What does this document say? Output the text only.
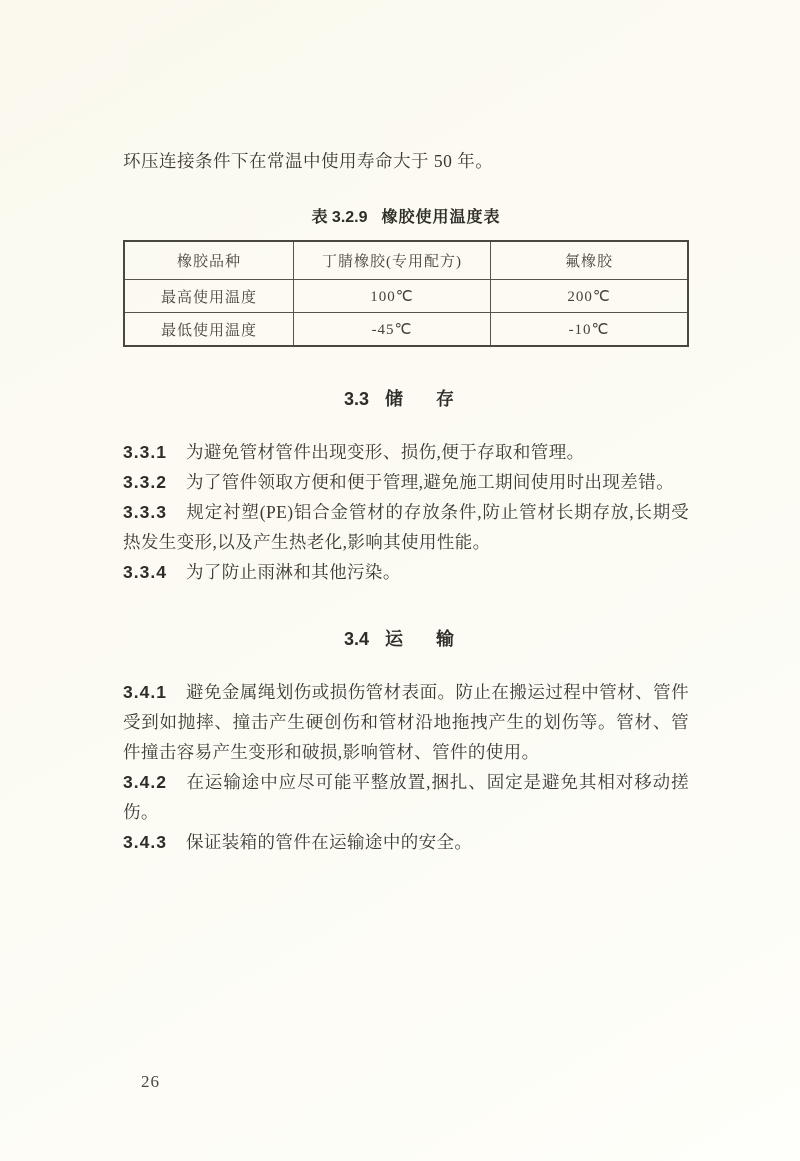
环压连接条件下在常温中使用寿命大于 50 年。

表 3.2.9 橡胶使用温度表
橡胶品种	丁腈橡胶(专用配方)	氟橡胶
最高使用温度	100℃	200℃
最低使用温度	-45℃	-10℃
3.3 储 存

3.3.1 为避免管材管件出现变形、损伤,便于存取和管理。

3.3.2 为了管件领取方便和便于管理,避免施工期间使用时出现差错。

3.3.3 规定衬塑(PE)铝合金管材的存放条件,防止管材长期存放,长期受热发生变形,以及产生热老化,影响其使用性能。

3.3.4 为了防止雨淋和其他污染。

3.4 运 输

3.4.1 避免金属绳划伤或损伤管材表面。防止在搬运过程中管材、管件受到如抛摔、撞击产生硬创伤和管材沿地拖拽产生的划伤等。管材、管件撞击容易产生变形和破损,影响管材、管件的使用。

3.4.2 在运输途中应尽可能平整放置,捆扎、固定是避免其相对移动搓伤。

3.4.3 保证装箱的管件在运输途中的安全。

26
